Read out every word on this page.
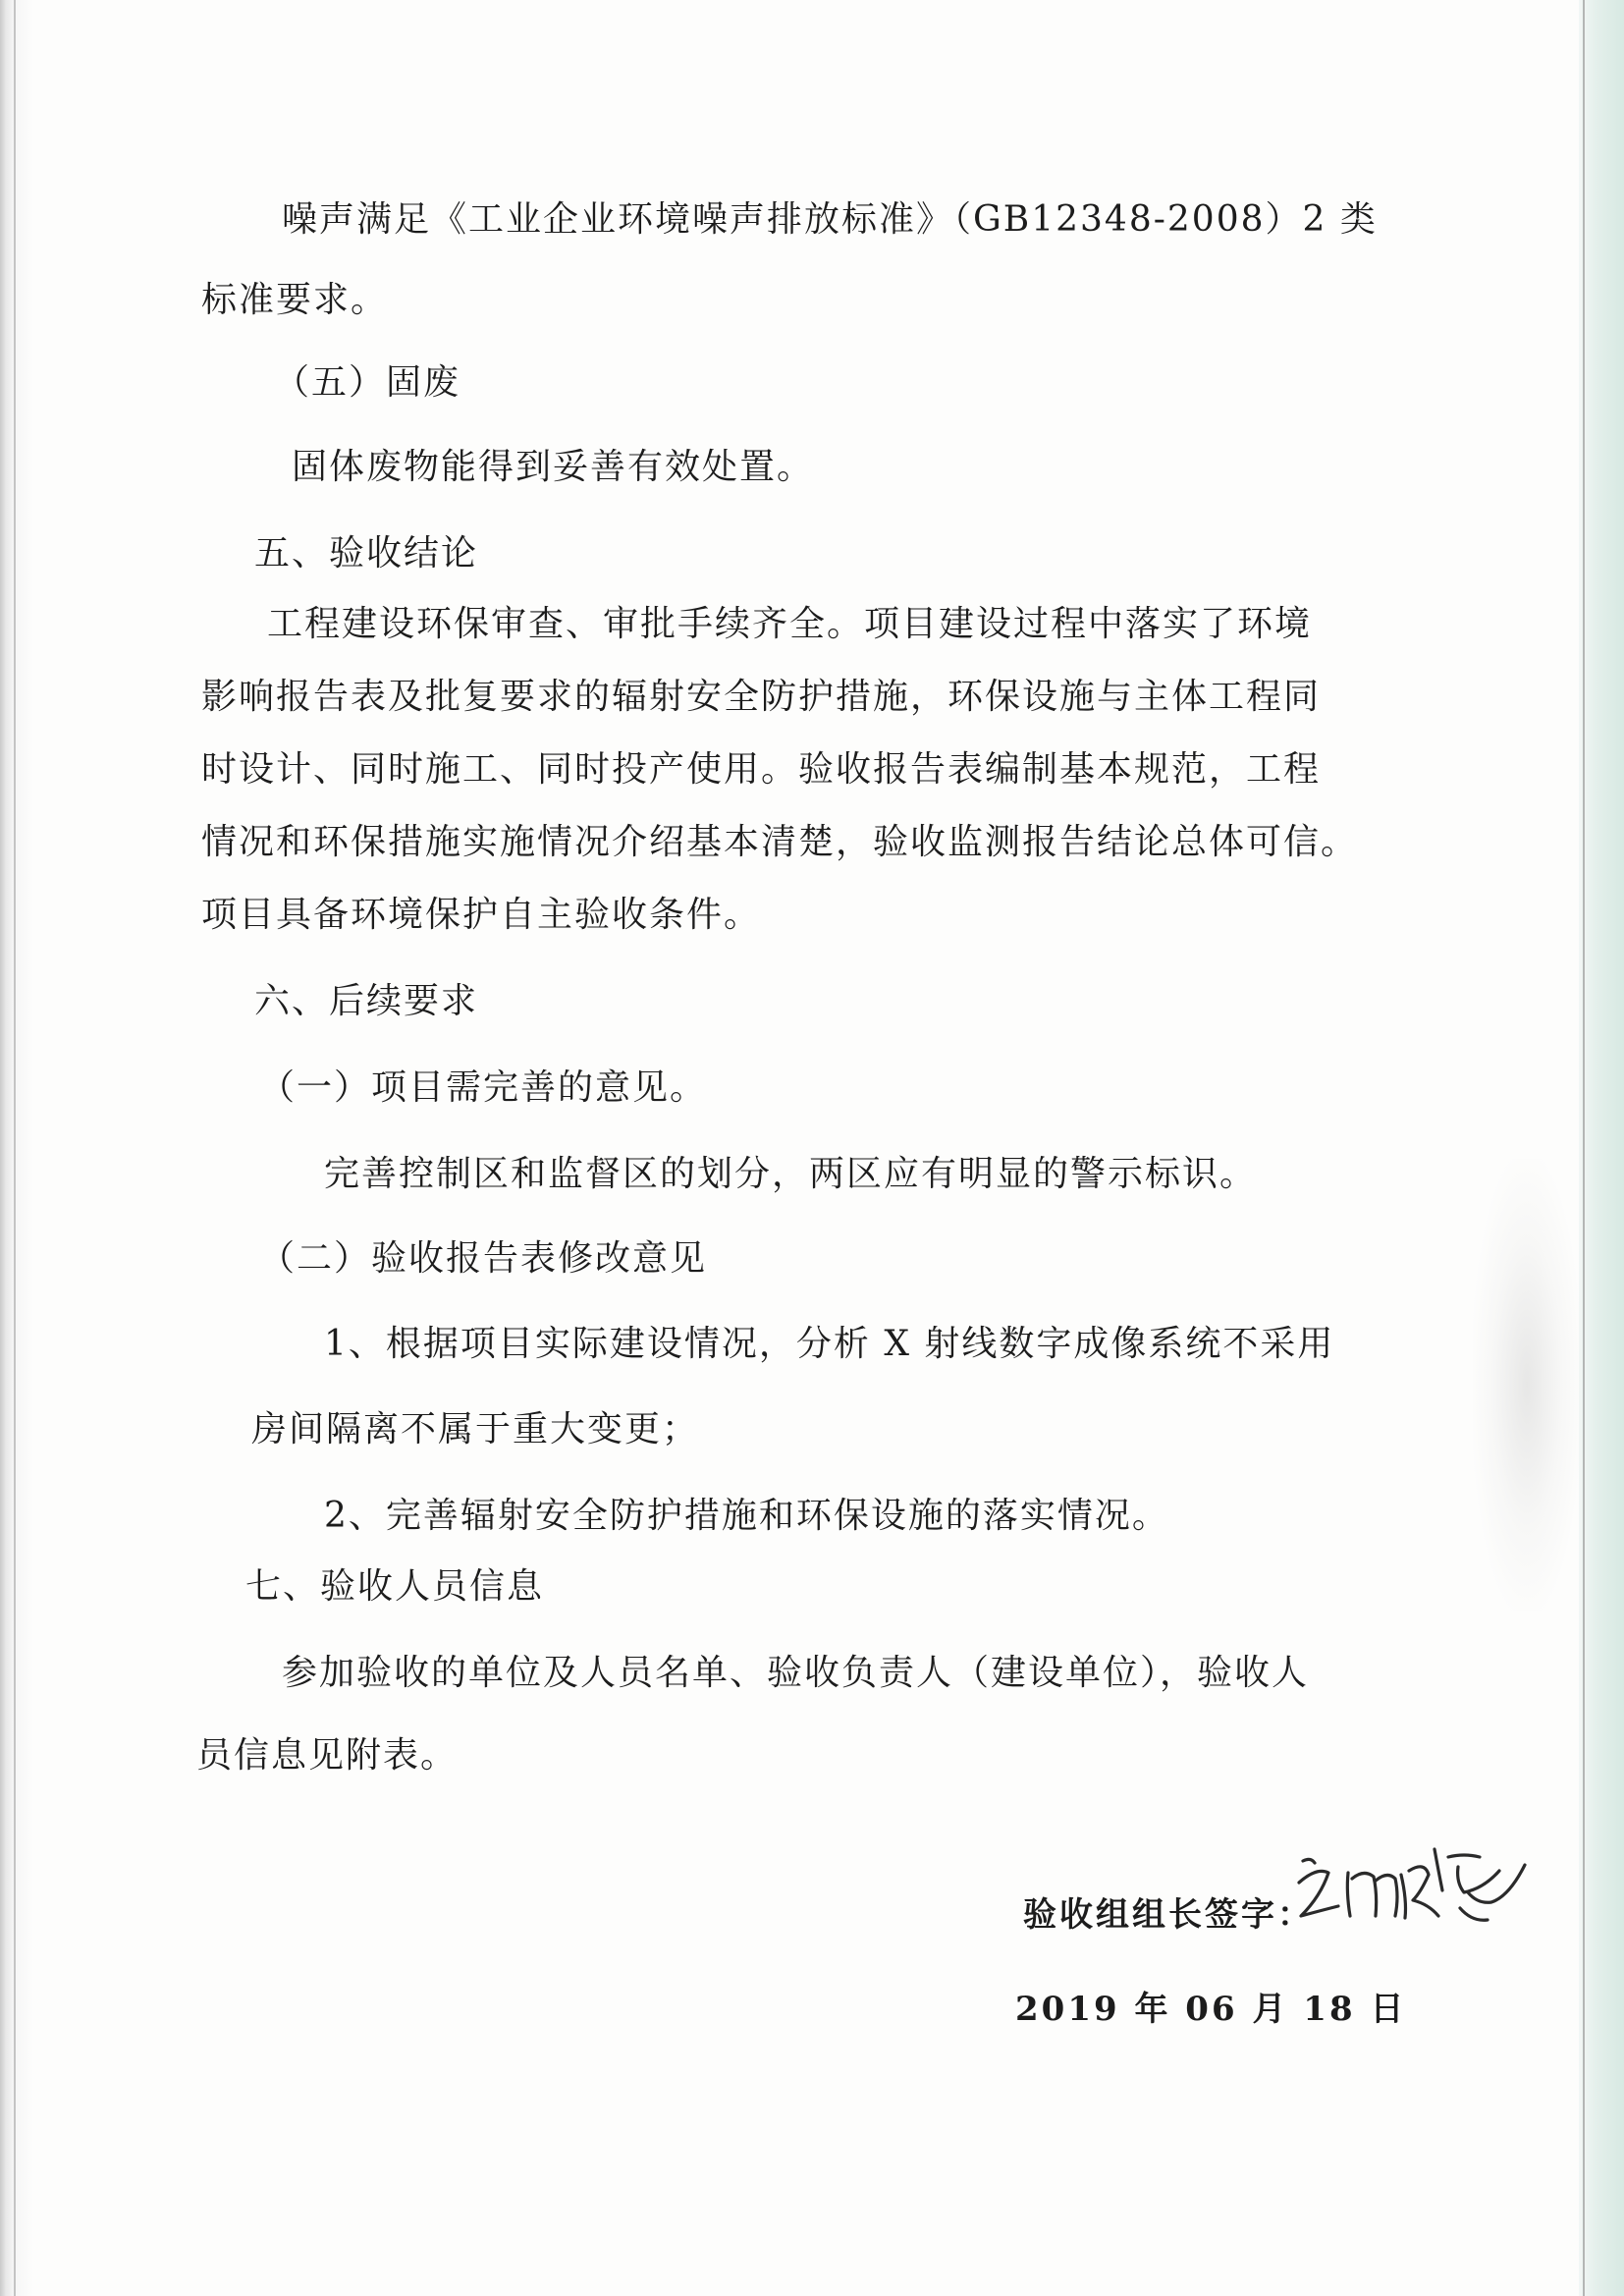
噪声满足《工业企业环境噪声排放标准》（GB12348-2008）2 类

标准要求。

（五）固废

固体废物能得到妥善有效处置。

五、验收结论

工程建设环保审查、审批手续齐全。项目建设过程中落实了环境

影响报告表及批复要求的辐射安全防护措施，环保设施与主体工程同

时设计、同时施工、同时投产使用。验收报告表编制基本规范，工程

情况和环保措施实施情况介绍基本清楚，验收监测报告结论总体可信。

项目具备环境保护自主验收条件。

六、后续要求

（一）项目需完善的意见。

完善控制区和监督区的划分，两区应有明显的警示标识。

（二）验收报告表修改意见

1、根据项目实际建设情况，分析 X 射线数字成像系统不采用

房间隔离不属于重大变更；

2、完善辐射安全防护措施和环保设施的落实情况。

七、验收人员信息

参加验收的单位及人员名单、验收负责人（建设单位），验收人

员信息见附表。

验收组组长签字：

2019 年 06 月 18 日
